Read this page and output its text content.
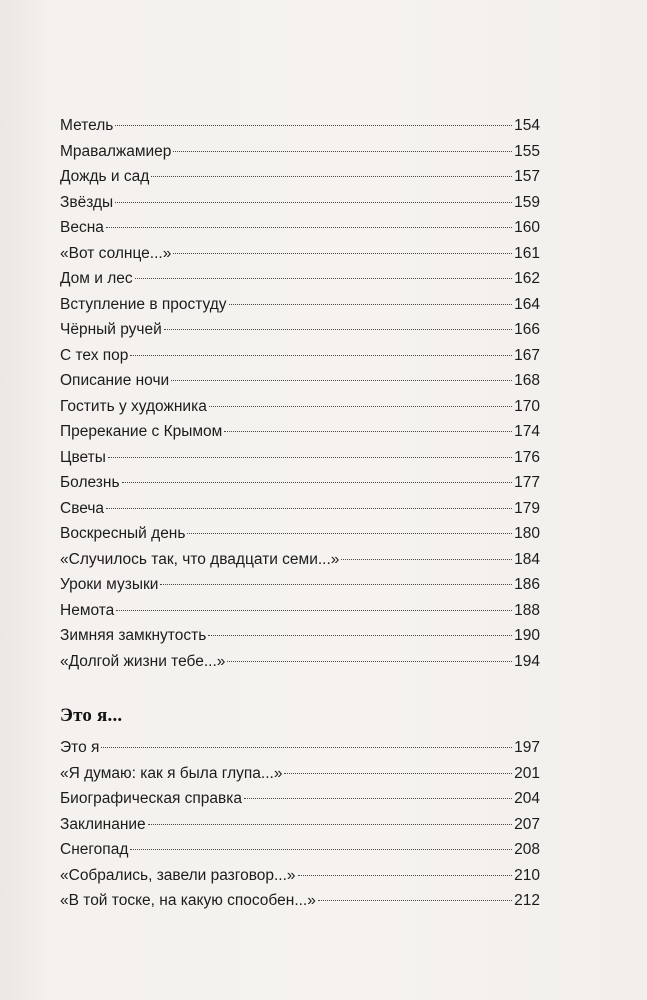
Метель	154
Мравалжамиер	155
Дождь и сад	157
Звёзды	159
Весна	160
«Вот солнце...»	161
Дом и лес	162
Вступление в простуду	164
Чёрный ручей	166
С тех пор	167
Описание ночи	168
Гостить у художника	170
Пререкание с Крымом	174
Цветы	176
Болезнь	177
Свеча	179
Воскресный день	180
«Случилось так, что двадцати семи...»	184
Уроки музыки	186
Немота	188
Зимняя замкнутость	190
«Долгой жизни тебе...»	194
Это я...
Это я	197
«Я думаю: как я была глупа...»	201
Биографическая справка	204
Заклинание	207
Снегопад	208
«Собрались, завели разговор...»	210
«В той тоске, на какую способен...»	212
